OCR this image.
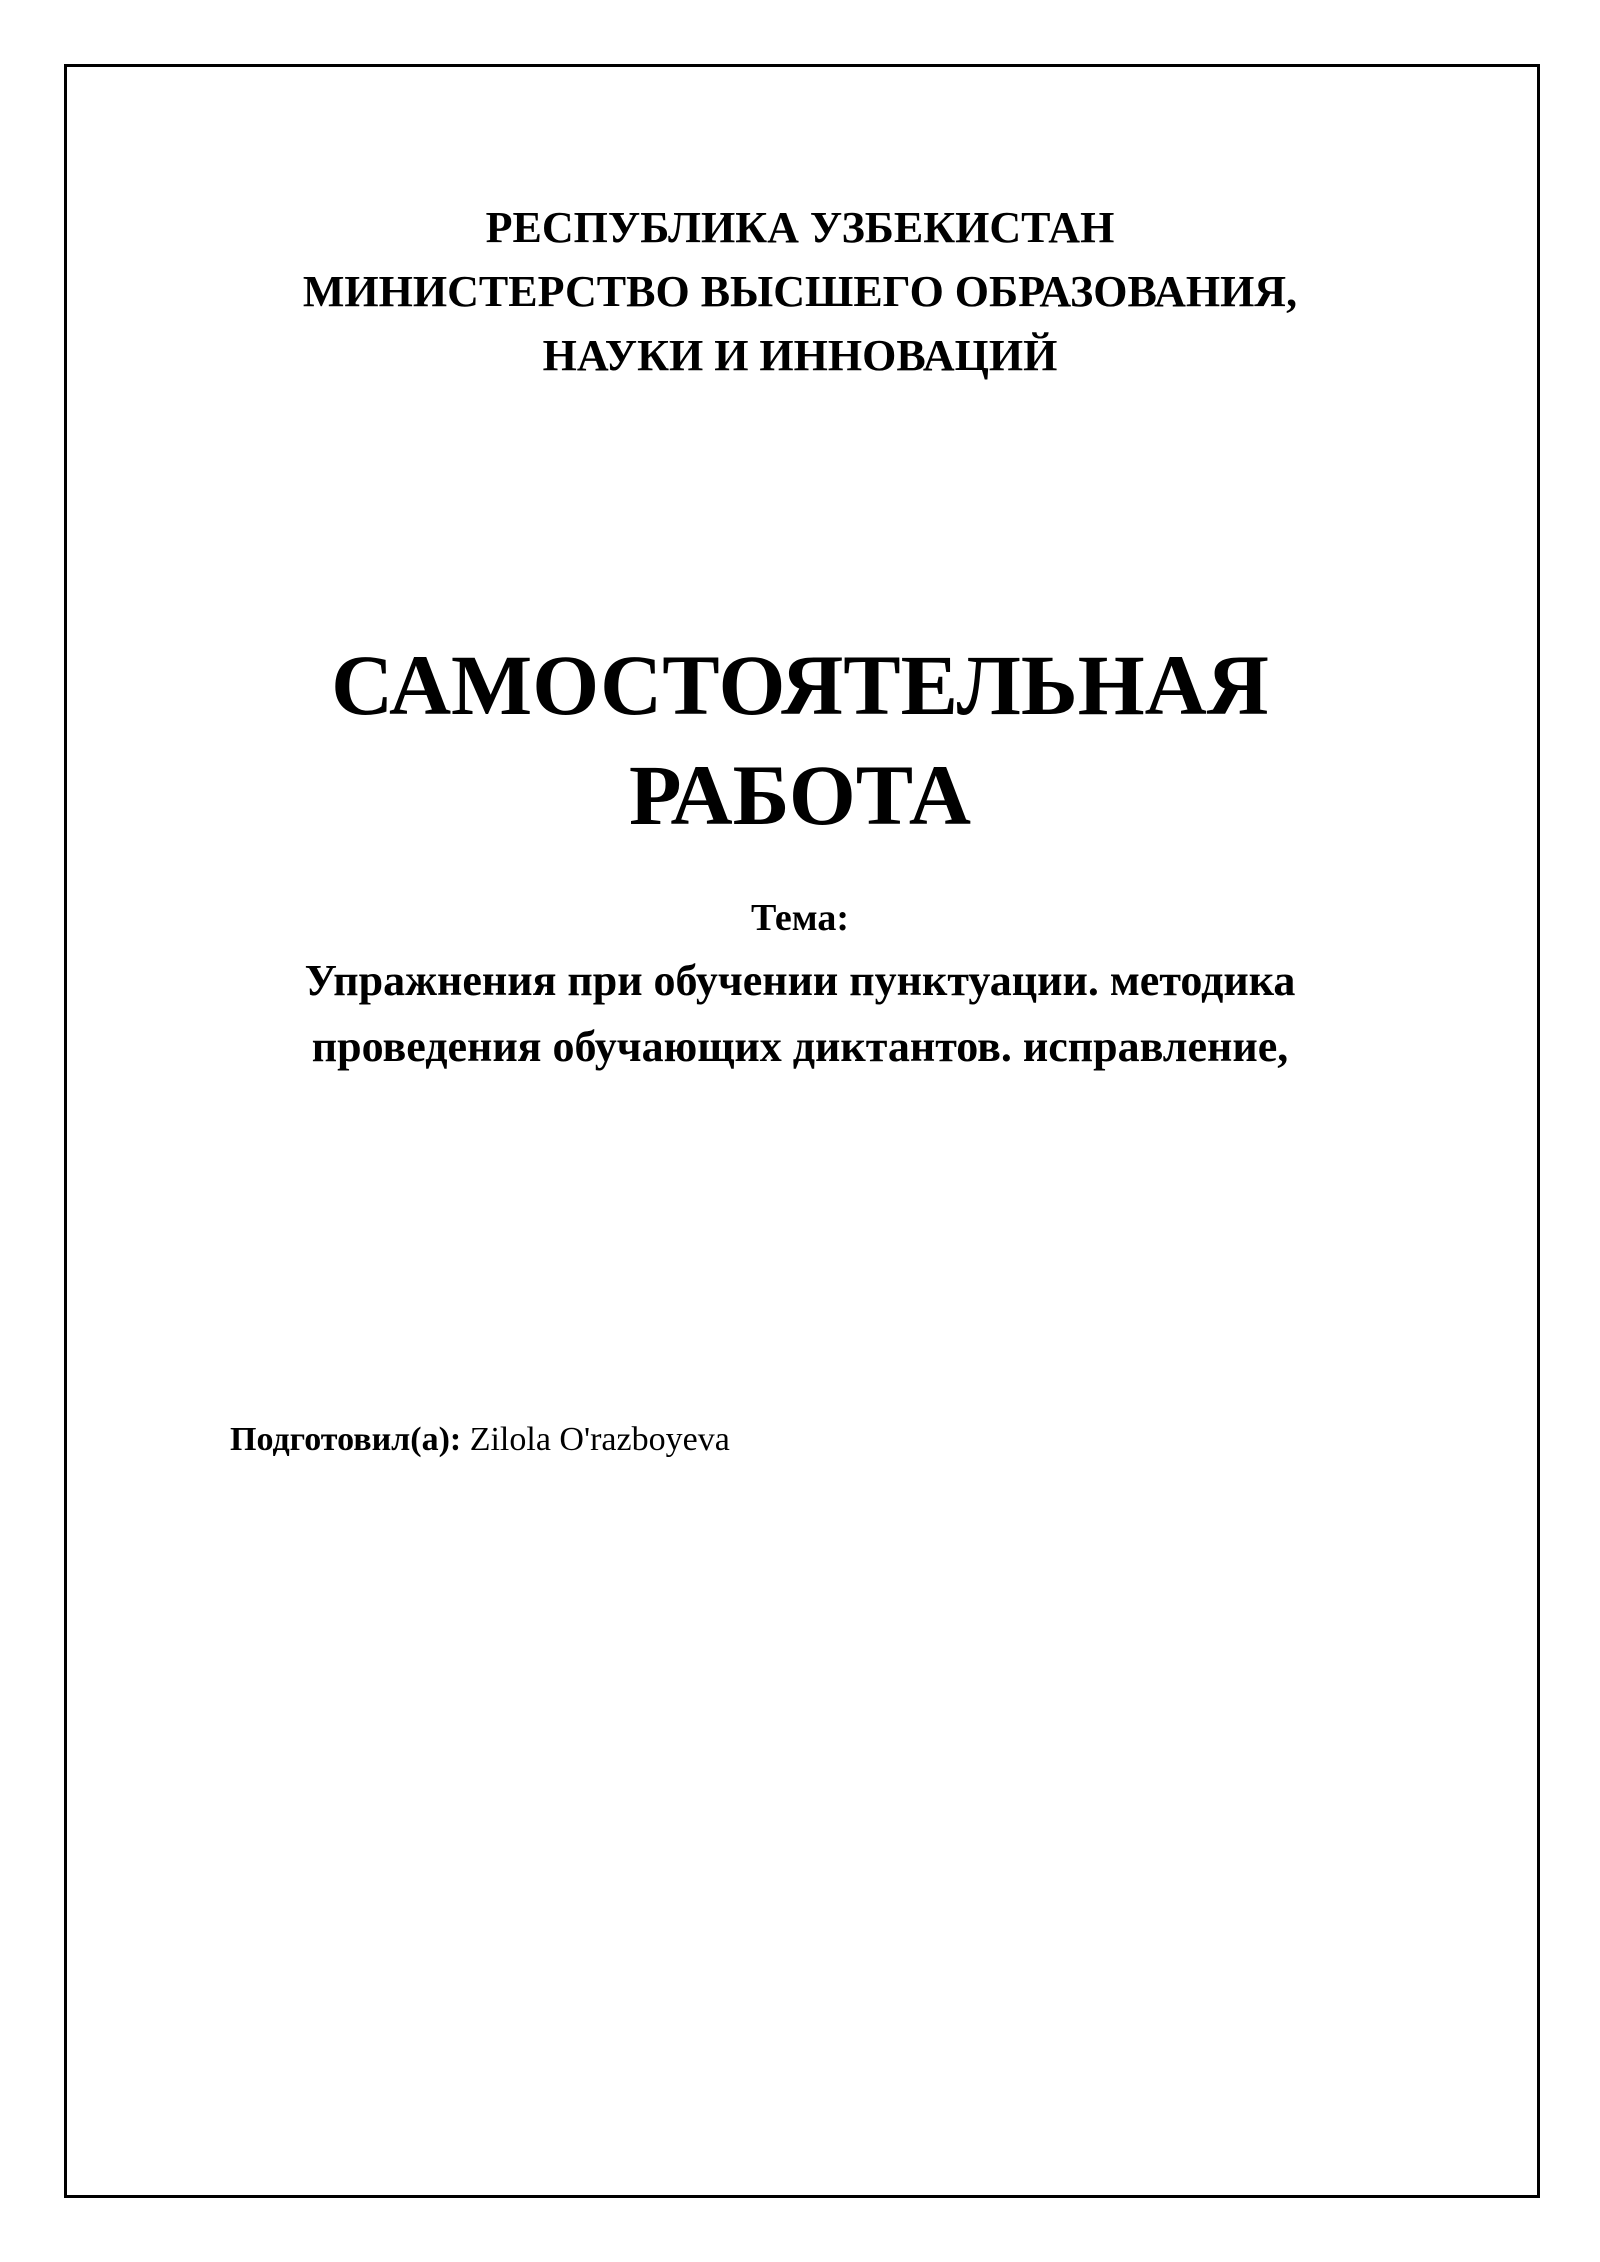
РЕСПУБЛИКА УЗБЕКИСТАН
МИНИСТЕРСТВО ВЫСШЕГО ОБРАЗОВАНИЯ,
НАУКИ И ИННОВАЦИЙ
САМОСТОЯТЕЛЬНАЯ
РАБОТА
Тема:
Упражнения при обучении пунктуации. методика
проведения обучающих диктантов. исправление,
Подготовил(а): Zilola O'razboyeva
